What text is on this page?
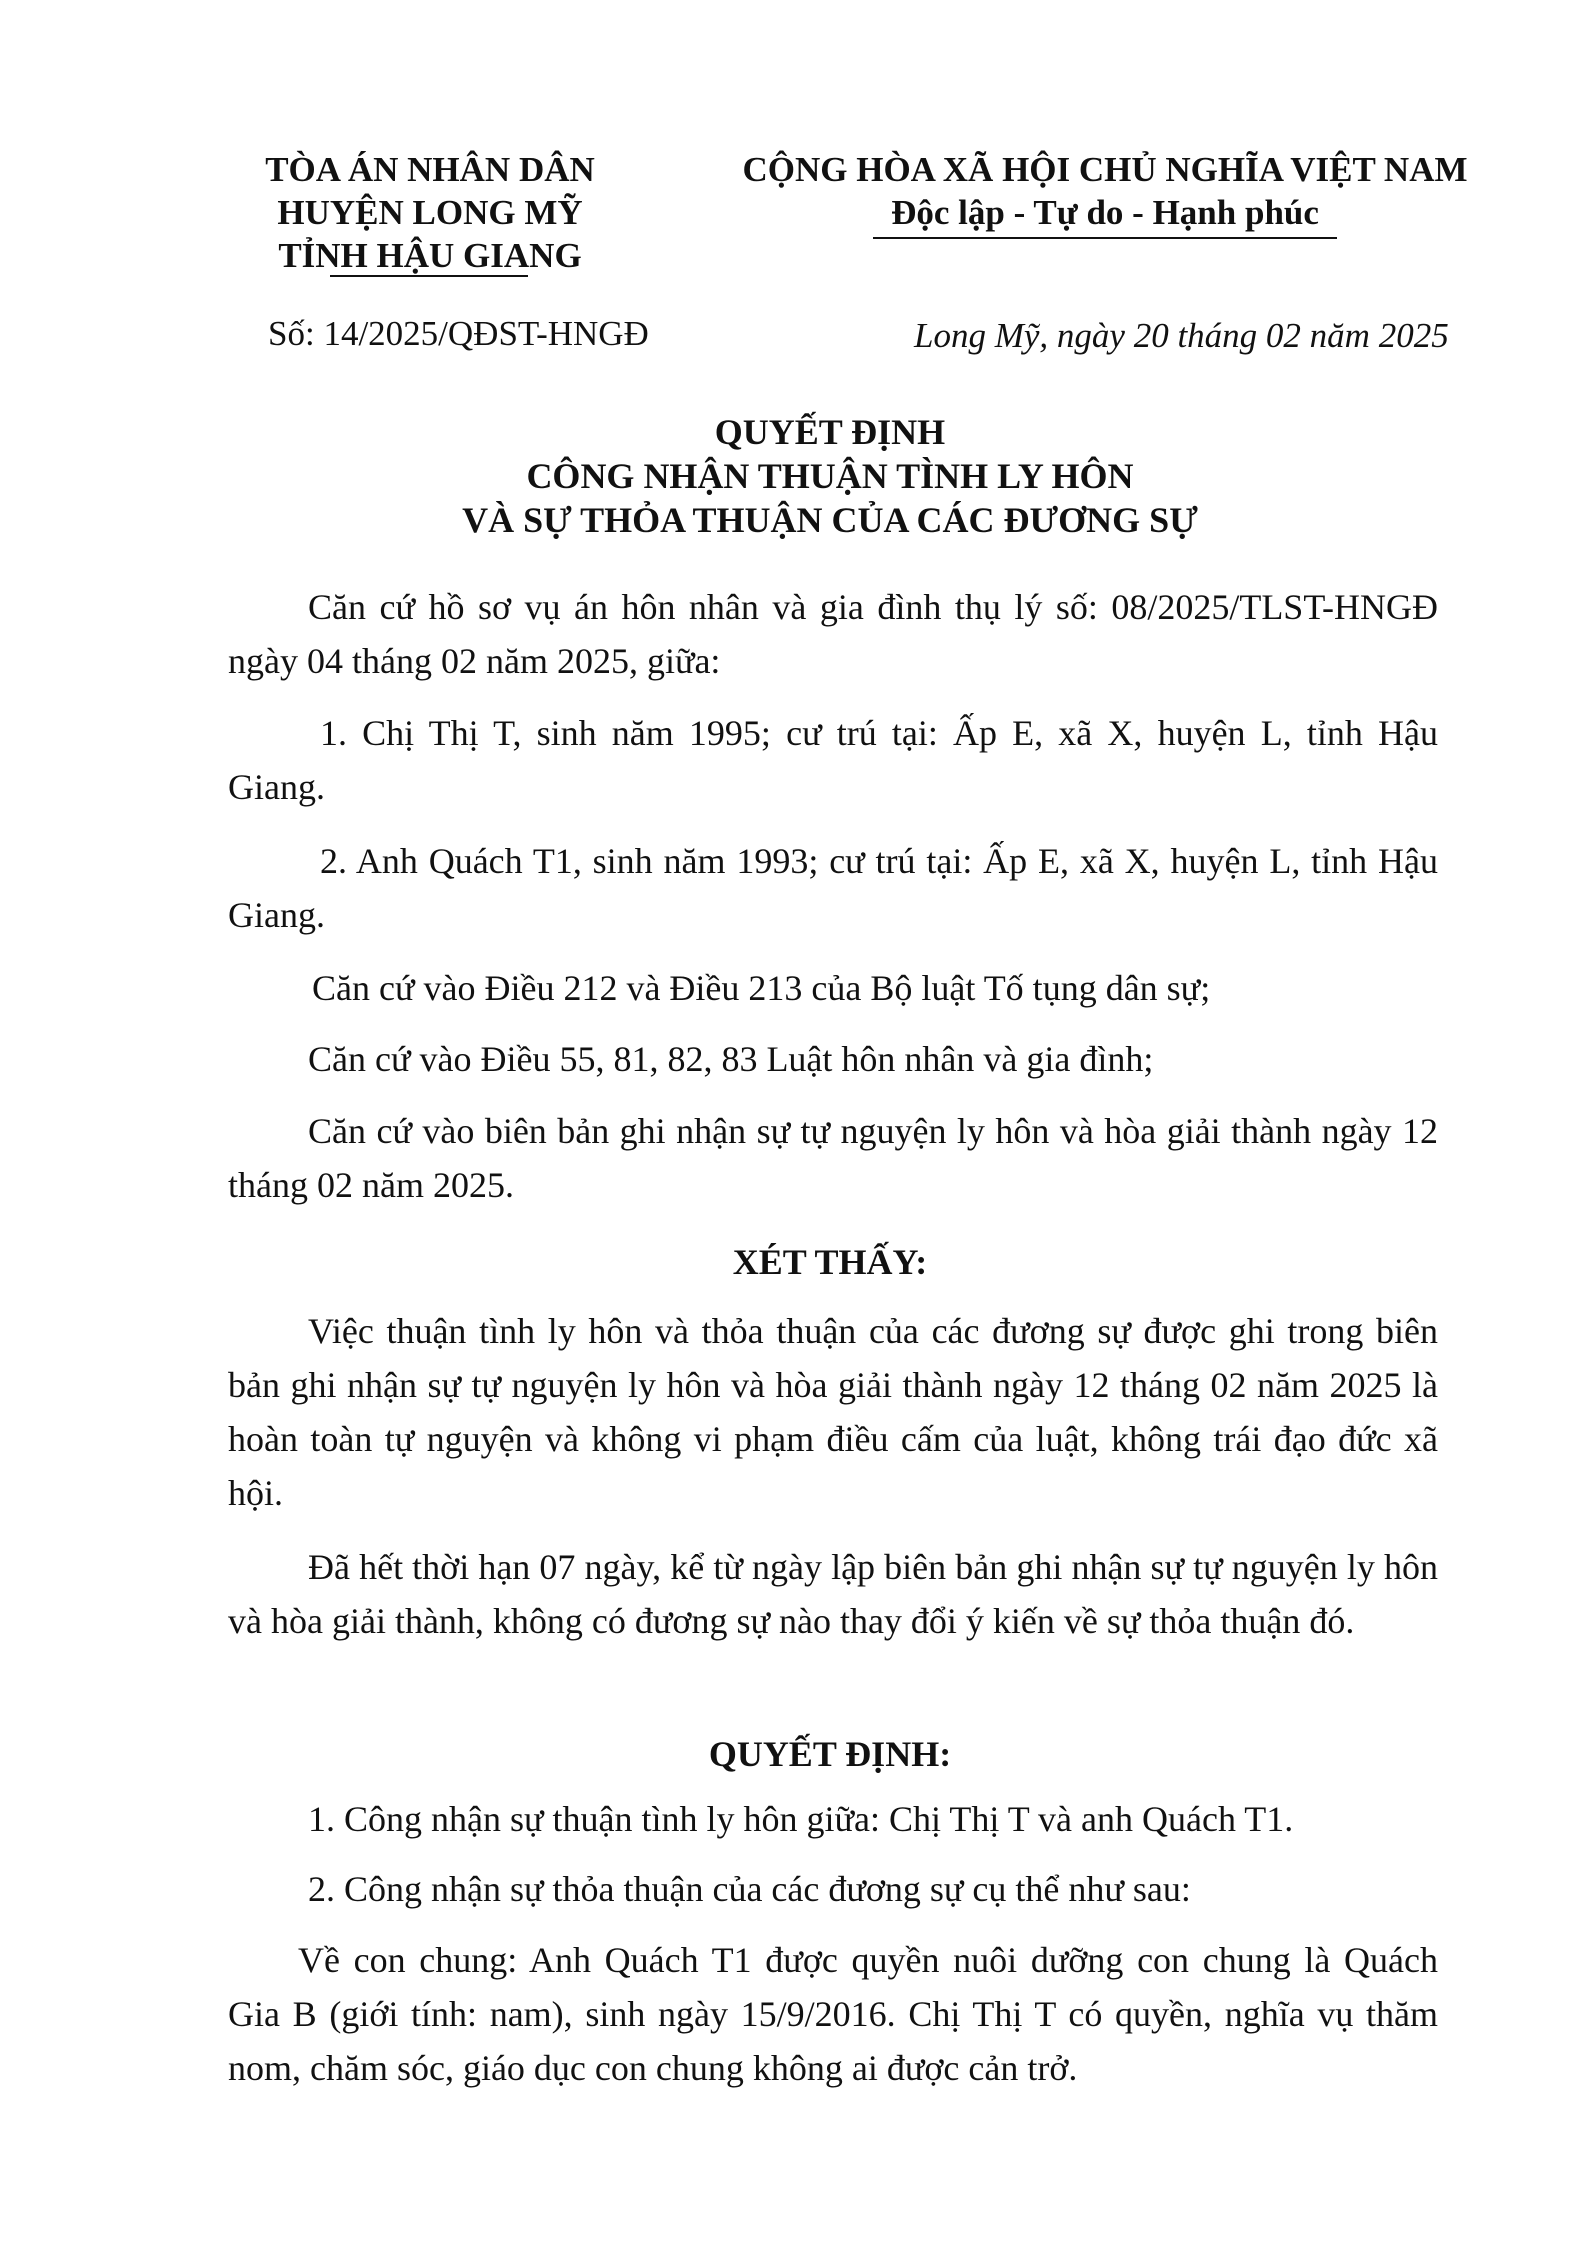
TÒA ÁN NHÂN DÂN
HUYỆN LONG MỸ
TỈNH HẬU GIANG
CỘNG HÒA XÃ HỘI CHỦ NGHĨA VIỆT NAM
Độc lập - Tự do - Hạnh phúc
Số: 14/2025/QĐST-HNGĐ	Long Mỹ, ngày 20 tháng 02 năm 2025
QUYẾT ĐỊNH
CÔNG NHẬN THUẬN TÌNH LY HÔN
VÀ SỰ THỎA THUẬN CỦA CÁC ĐƯƠNG SỰ

Căn cứ hồ sơ vụ án hôn nhân và gia đình thụ lý số: 08/2025/TLST-HNGĐ ngày 04 tháng 02 năm 2025, giữa:

1. Chị Thị T, sinh năm 1995; cư trú tại: Ấp E, xã X, huyện L, tỉnh Hậu Giang.

2. Anh Quách T1, sinh năm 1993; cư trú tại: Ấp E, xã X, huyện L, tỉnh Hậu Giang.

Căn cứ vào Điều 212 và Điều 213 của Bộ luật Tố tụng dân sự;

Căn cứ vào Điều 55, 81, 82, 83 Luật hôn nhân và gia đình;

Căn cứ vào biên bản ghi nhận sự tự nguyện ly hôn và hòa giải thành ngày 12 tháng 02 năm 2025.

XÉT THẤY:

Việc thuận tình ly hôn và thỏa thuận của các đương sự được ghi trong biên bản ghi nhận sự tự nguyện ly hôn và hòa giải thành ngày 12 tháng 02 năm 2025 là hoàn toàn tự nguyện và không vi phạm điều cấm của luật, không trái đạo đức xã hội.

Đã hết thời hạn 07 ngày, kể từ ngày lập biên bản ghi nhận sự tự nguyện ly hôn và hòa giải thành, không có đương sự nào thay đổi ý kiến về sự thỏa thuận đó.

QUYẾT ĐỊNH:

1. Công nhận sự thuận tình ly hôn giữa: Chị Thị T và anh Quách T1.

2. Công nhận sự thỏa thuận của các đương sự cụ thể như sau:

Về con chung: Anh Quách T1 được quyền nuôi dưỡng con chung là Quách Gia B (giới tính: nam), sinh ngày 15/9/2016. Chị Thị T có quyền, nghĩa vụ thăm nom, chăm sóc, giáo dục con chung không ai được cản trở.
